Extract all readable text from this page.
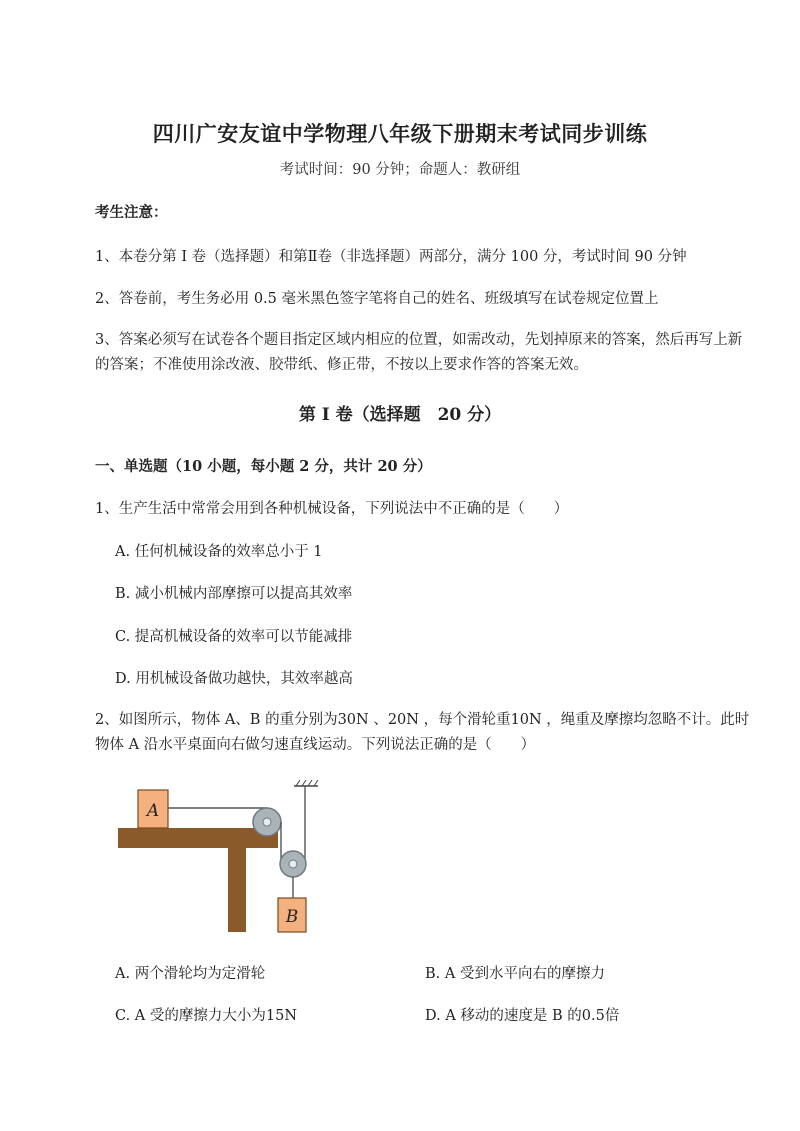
四川广安友谊中学物理八年级下册期末考试同步训练
考试时间：90 分钟；命题人：教研组
考生注意：
1、本卷分第 I 卷（选择题）和第Ⅱ卷（非选择题）两部分，满分 100 分，考试时间 90 分钟
2、答卷前，考生务必用 0.5 毫米黑色签字笔将自己的姓名、班级填写在试卷规定位置上
3、答案必须写在试卷各个题目指定区域内相应的位置，如需改动，先划掉原来的答案，然后再写上新的答案；不准使用涂改液、胶带纸、修正带，不按以上要求作答的答案无效。
第 I 卷（选择题　20 分）
一、单选题（10 小题，每小题 2 分，共计 20 分）
1、生产生活中常常会用到各种机械设备，下列说法中不正确的是（　　）
A. 任何机械设备的效率总小于 1
B. 减小机械内部摩擦可以提高其效率
C. 提高机械设备的效率可以节能减排
D. 用机械设备做功越快，其效率越高
2、如图所示，物体 A、B 的重分别为30N 、20N ，每个滑轮重10N ，绳重及摩擦均忽略不计。此时物体 A 沿水平桌面向右做匀速直线运动。下列说法正确的是（　　）
A
B
A. 两个滑轮均为定滑轮	B. A 受到水平向右的摩擦力
C. A 受的摩擦力大小为15N	D. A 移动的速度是 B 的0.5倍
